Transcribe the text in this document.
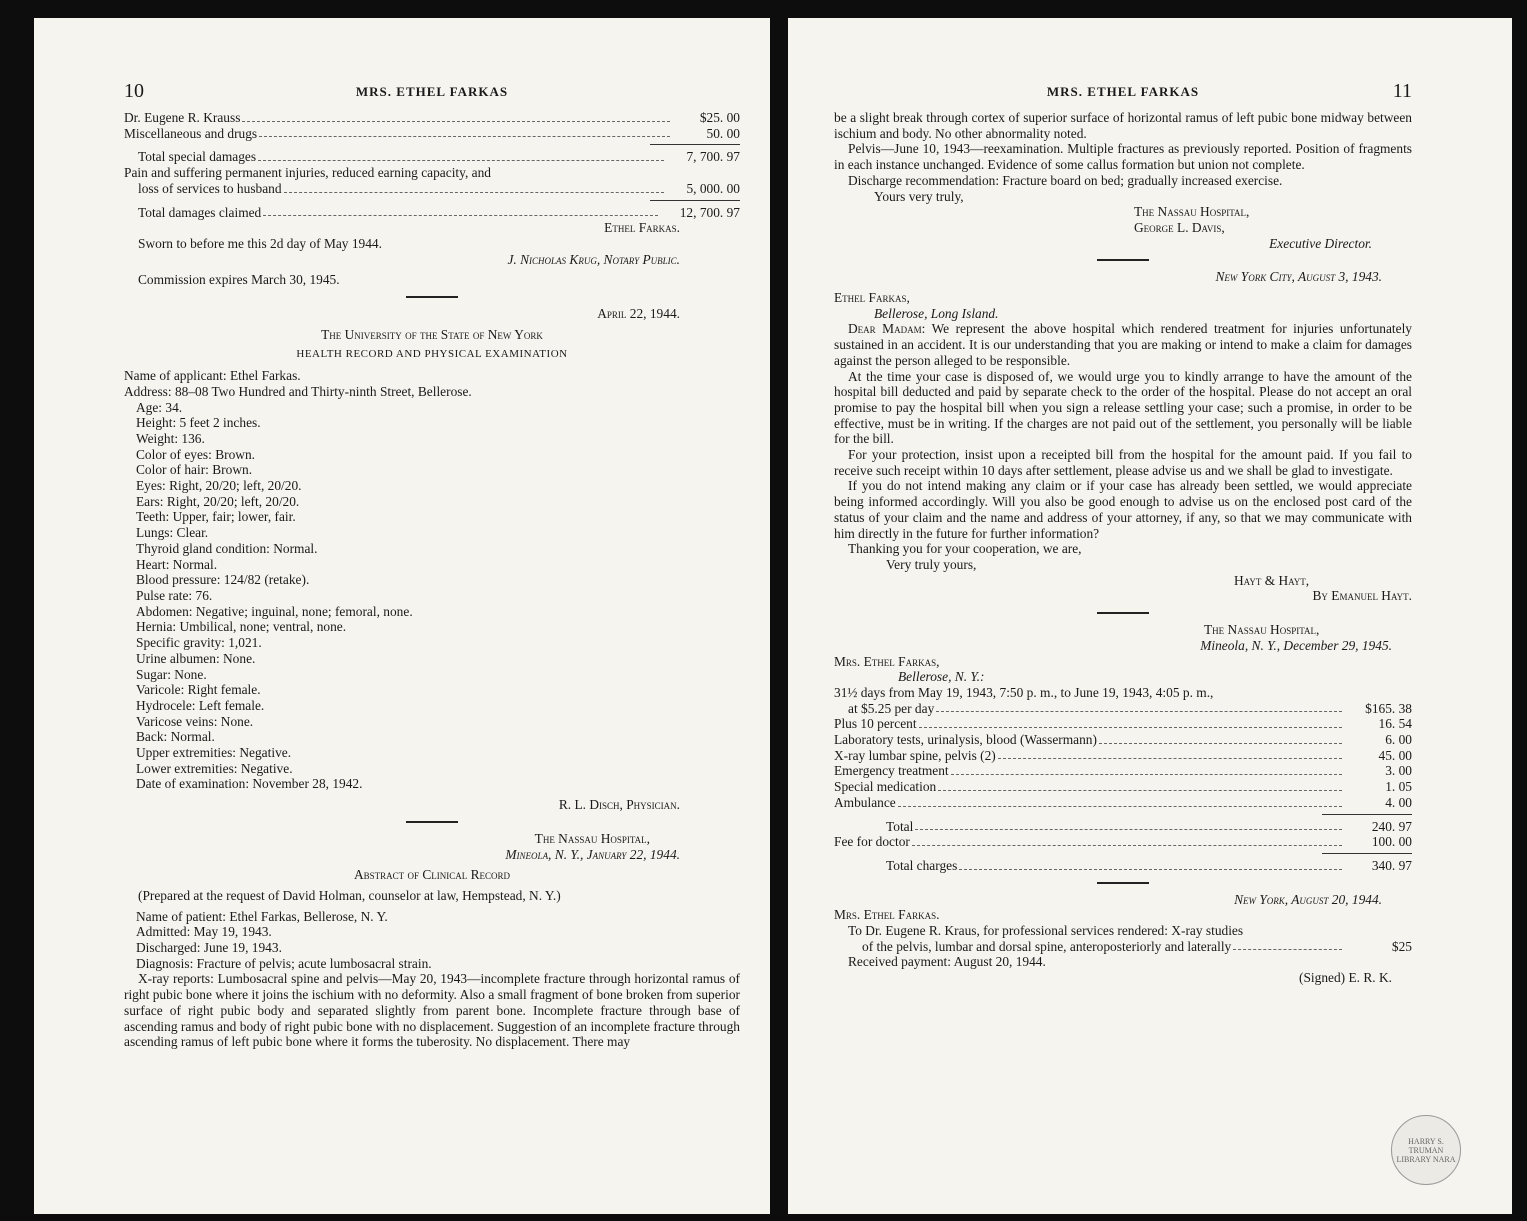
10	MRS. ETHEL FARKAS
Dr. Eugene R. Krauss	$25. 00
Miscellaneous and drugs	50. 00
Total special damages	7, 700. 97

Pain and suffering permanent injuries, reduced earning capacity, and

loss of services to husband	5, 000. 00
Total damages claimed	12, 700. 97

Ethel Farkas.

Sworn to before me this 2d day of May 1944.

J. Nicholas Krug, Notary Public.

Commission expires March 30, 1945.

April 22, 1944.

The University of the State of New York

HEALTH RECORD AND PHYSICAL EXAMINATION

Name of applicant: Ethel Farkas.

Address: 88–08 Two Hundred and Thirty-ninth Street, Bellerose.

Age: 34.

Height: 5 feet 2 inches.

Weight: 136.

Color of eyes: Brown.

Color of hair: Brown.

Eyes: Right, 20/20; left, 20/20.

Ears: Right, 20/20; left, 20/20.

Teeth: Upper, fair; lower, fair.

Lungs: Clear.

Thyroid gland condition: Normal.

Heart: Normal.

Blood pressure: 124/82 (retake).

Pulse rate: 76.

Abdomen: Negative; inguinal, none; femoral, none.

Hernia: Umbilical, none; ventral, none.

Specific gravity: 1,021.

Urine albumen: None.

Sugar: None.

Varicole: Right female.

Hydrocele: Left female.

Varicose veins: None.

Back: Normal.

Upper extremities: Negative.

Lower extremities: Negative.

Date of examination: November 28, 1942.

R. L. Disch, Physician.

The Nassau Hospital,

Mineola, N. Y., January 22, 1944.

Abstract of Clinical Record

(Prepared at the request of David Holman, counselor at law, Hempstead, N. Y.)

Name of patient: Ethel Farkas, Bellerose, N. Y.

Admitted: May 19, 1943.

Discharged: June 19, 1943.

Diagnosis: Fracture of pelvis; acute lumbosacral strain.

X-ray reports: Lumbosacral spine and pelvis—May 20, 1943—incomplete fracture through horizontal ramus of right pubic bone where it joins the ischium with no deformity. Also a small fragment of bone broken from superior surface of right pubic body and separated slightly from parent bone. Incomplete fracture through base of ascending ramus and body of right pubic bone with no displacement. Suggestion of an incomplete fracture through ascending ramus of left pubic bone where it forms the tuberosity. No displacement. There may

MRS. ETHEL FARKAS	11

be a slight break through cortex of superior surface of horizontal ramus of left pubic bone midway between ischium and body. No other abnormality noted.

Pelvis—June 10, 1943—reexamination. Multiple fractures as previously reported. Position of fragments in each instance unchanged. Evidence of some callus formation but union not complete.

Discharge recommendation: Fracture board on bed; gradually increased exercise.

Yours very truly,

The Nassau Hospital,

George L. Davis,

Executive Director.

New York City, August 3, 1943.

Ethel Farkas,

Bellerose, Long Island.

Dear Madam: We represent the above hospital which rendered treatment for injuries unfortunately sustained in an accident. It is our understanding that you are making or intend to make a claim for damages against the person alleged to be responsible.

At the time your case is disposed of, we would urge you to kindly arrange to have the amount of the hospital bill deducted and paid by separate check to the order of the hospital. Please do not accept an oral promise to pay the hospital bill when you sign a release settling your case; such a promise, in order to be effective, must be in writing. If the charges are not paid out of the settlement, you personally will be liable for the bill.

For your protection, insist upon a receipted bill from the hospital for the amount paid. If you fail to receive such receipt within 10 days after settlement, please advise us and we shall be glad to investigate.

If you do not intend making any claim or if your case has already been settled, we would appreciate being informed accordingly. Will you also be good enough to advise us on the enclosed post card of the status of your claim and the name and address of your attorney, if any, so that we may communicate with him directly in the future for further information?

Thanking you for your cooperation, we are,

Very truly yours,

Hayt & Hayt,

By Emanuel Hayt.

The Nassau Hospital,

Mineola, N. Y., December 29, 1945.

Mrs. Ethel Farkas,

Bellerose, N. Y.:

31½ days from May 19, 1943, 7:50 p. m., to June 19, 1943, 4:05 p. m.,

at $5.25 per day	$165. 38
Plus 10 percent	16. 54
Laboratory tests, urinalysis, blood (Wassermann)	6. 00
X-ray lumbar spine, pelvis (2)	45. 00
Emergency treatment	3. 00
Special medication	1. 05
Ambulance	4. 00
Total	240. 97
Fee for doctor	100. 00
Total charges	340. 97

New York, August 20, 1944.

Mrs. Ethel Farkas.

To Dr. Eugene R. Kraus, for professional services rendered: X-ray studies

of the pelvis, lumbar and dorsal spine, anteroposteriorly and laterally	$25

Received payment: August 20, 1944.

(Signed) E. R. K.

HARRY S. TRUMAN LIBRARY NARA
